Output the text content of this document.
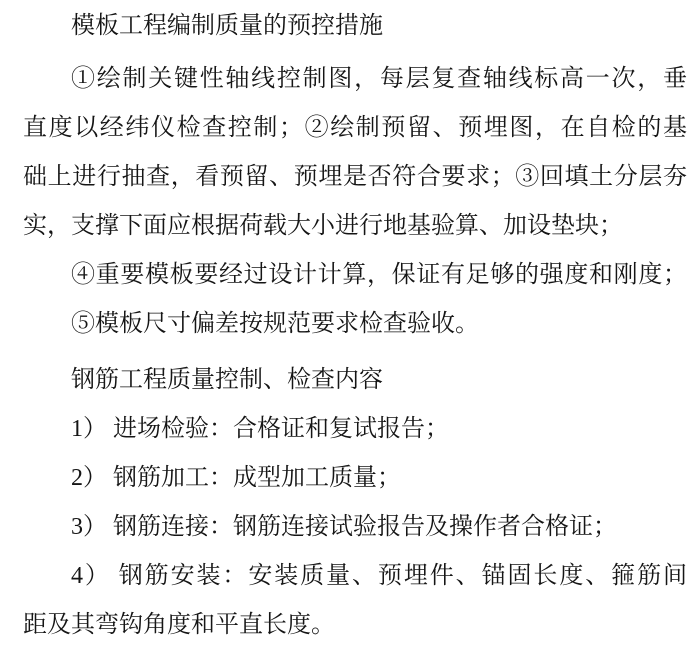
模板工程编制质量的预控措施
①绘制关键性轴线控制图，每层复查轴线标高一次，垂
直度以经纬仪检查控制；②绘制预留、预埋图，在自检的基
础上进行抽查，看预留、预埋是否符合要求；③回填土分层夯
实，支撑下面应根据荷载大小进行地基验算、加设垫块；
④重要模板要经过设计计算，保证有足够的强度和刚度；
⑤模板尺寸偏差按规范要求检查验收。
钢筋工程质量控制、检查内容
1） 进场检验：合格证和复试报告；
2） 钢筋加工：成型加工质量；
3） 钢筋连接：钢筋连接试验报告及操作者合格证；
4） 钢筋安装：安装质量、预埋件、锚固长度、箍筋间
距及其弯钩角度和平直长度。
